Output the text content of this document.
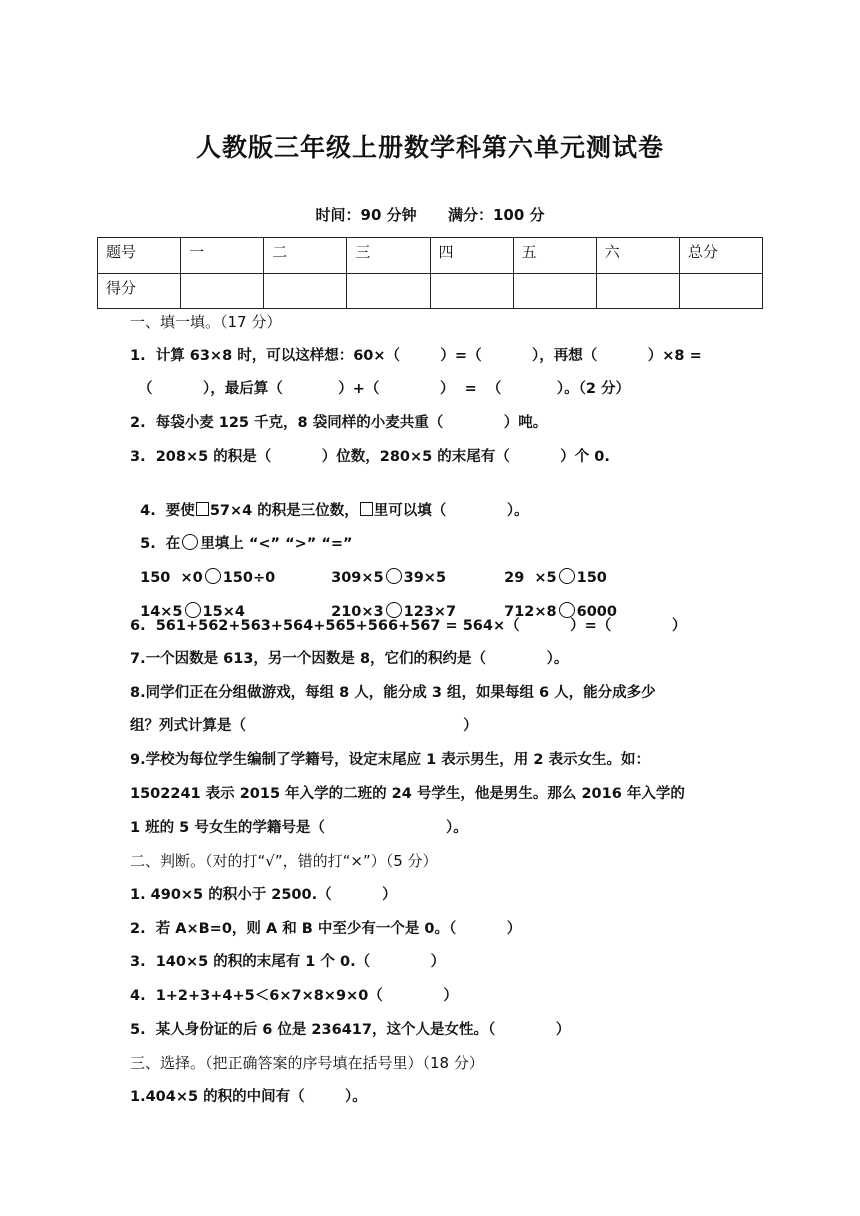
人教版三年级上册数学科第六单元测试卷
时间：90 分钟      满分：100 分
题号	一	二	三	四	五	六	总分
得分							
一、填一填。（17 分）
1.  计算 63×8 时，可以这样想：60×（        ）=（          ），再想（          ）×8 =
（          ），最后算（           ）+（            ）  =  （           ）。（2 分）
2.  每袋小麦 125 千克，8 袋同样的小麦共重（            ）吨。
3.  208×5 的积是（          ）位数，280×5 的末尾有（          ）个 0.

4.  要使 57×4 的积是三位数， 里可以填（            ）。

5.  在 里填上 “<” “>” “=”

150  ×0 150÷0	309×5 39×5	29  ×5 150

14×5 15×4	210×3 123×7	712×8 6000

6.  561+562+563+564+565+566+567 = 564×（          ）=（            ）
7.一个因数是 613，另一个因数是 8，它们的积约是（            ）。
8.同学们正在分组做游戏，每组 8 人，能分成 3 组，如果每组 6 人，能分成多少
组？列式计算是（                                           ）
9.学校为每位学生编制了学籍号，设定末尾应 1 表示男生，用 2 表示女生。如：
1502241 表示 2015 年入学的二班的 24 号学生，他是男生。那么 2016 年入学的
1 班的 5 号女生的学籍号是（                        ）。
二、判断。（对的打“√”，错的打“×”）（5 分）
1. 490×5 的积小于 2500.（          ）
2.  若 A×B=0，则 A 和 B 中至少有一个是 0。（          ）
3.  140×5 的积的末尾有 1 个 0.（            ）
4.  1+2+3+4+5＜6×7×8×9×0（            ）
5.  某人身份证的后 6 位是 236417，这个人是女性。（            ）
三、选择。（把正确答案的序号填在括号里）（18 分）
1.404×5 的积的中间有（        ）。
